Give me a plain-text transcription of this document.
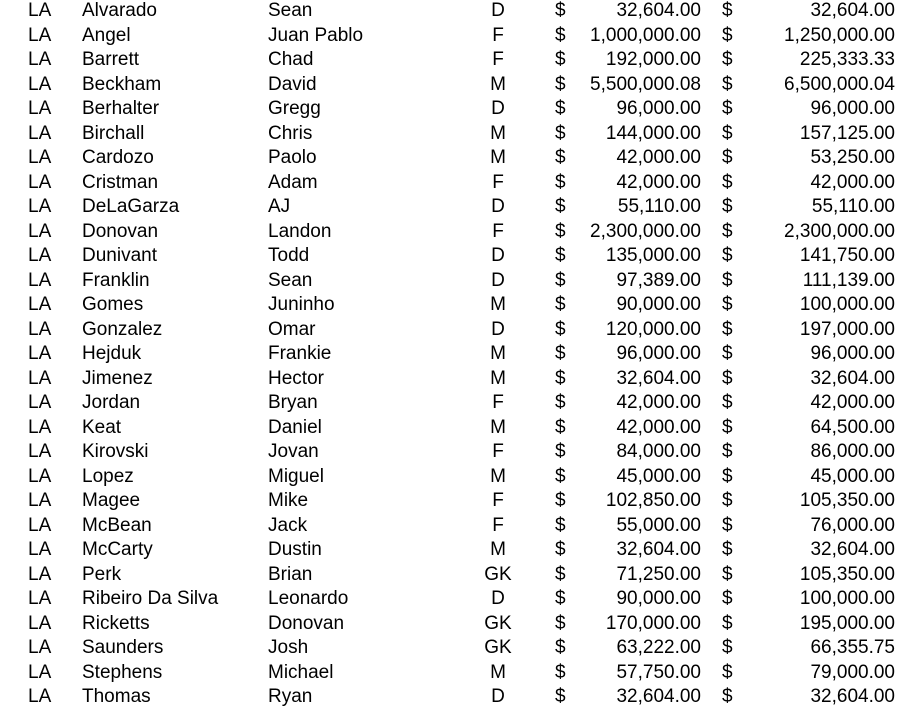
LA Alvarado	Sean	D	$	32,604.00 $	32,604.00
LA Angel	Juan Pablo	F	$ 1,000,000.00 $	1,250,000.00
LA Barrett	Chad	F	$ 192,000.00 $	225,333.33
LA Beckham	David	M	$ 5,500,000.08 $	6,500,000.04
LA Berhalter	Gregg	D	$	96,000.00 $	96,000.00
LA Birchall	Chris	M	$ 144,000.00 $	157,125.00
LA Cardozo	Paolo	M	$	42,000.00 $	53,250.00
LA Cristman	Adam	F	$	42,000.00 $	42,000.00
LA DeLaGarza	AJ	D	$	55,110.00 $	55,110.00
LA Donovan	Landon	F	$ 2,300,000.00 $	2,300,000.00
LA Dunivant	Todd	D	$ 135,000.00 $	141,750.00
LA Franklin	Sean	D	$	97,389.00 $	111,139.00
LA Gomes	Juninho	M	$	90,000.00 $	100,000.00
LA Gonzalez	Omar	D	$ 120,000.00 $	197,000.00
LA Hejduk	Frankie	M	$	96,000.00 $	96,000.00
LA Jimenez	Hector	M	$	32,604.00 $	32,604.00
LA Jordan	Bryan	F	$	42,000.00 $	42,000.00
LA Keat	Daniel	M	$	42,000.00 $	64,500.00
LA Kirovski	Jovan	F	$	84,000.00 $	86,000.00
LA Lopez	Miguel	M	$	45,000.00 $	45,000.00
LA Magee	Mike	F	$ 102,850.00 $	105,350.00
LA McBean	Jack	F	$	55,000.00 $	76,000.00
LA McCarty	Dustin	M	$	32,604.00 $	32,604.00
LA Perk	Brian	GK	$	71,250.00 $	105,350.00
LA Ribeiro Da Silva	Leonardo	D	$	90,000.00 $	100,000.00
LA Ricketts	Donovan	GK	$ 170,000.00 $	195,000.00
LA Saunders	Josh	GK	$	63,222.00 $	66,355.75
LA Stephens	Michael	M	$	57,750.00 $	79,000.00
LA Thomas	Ryan	D	$	32,604.00 $	32,604.00
